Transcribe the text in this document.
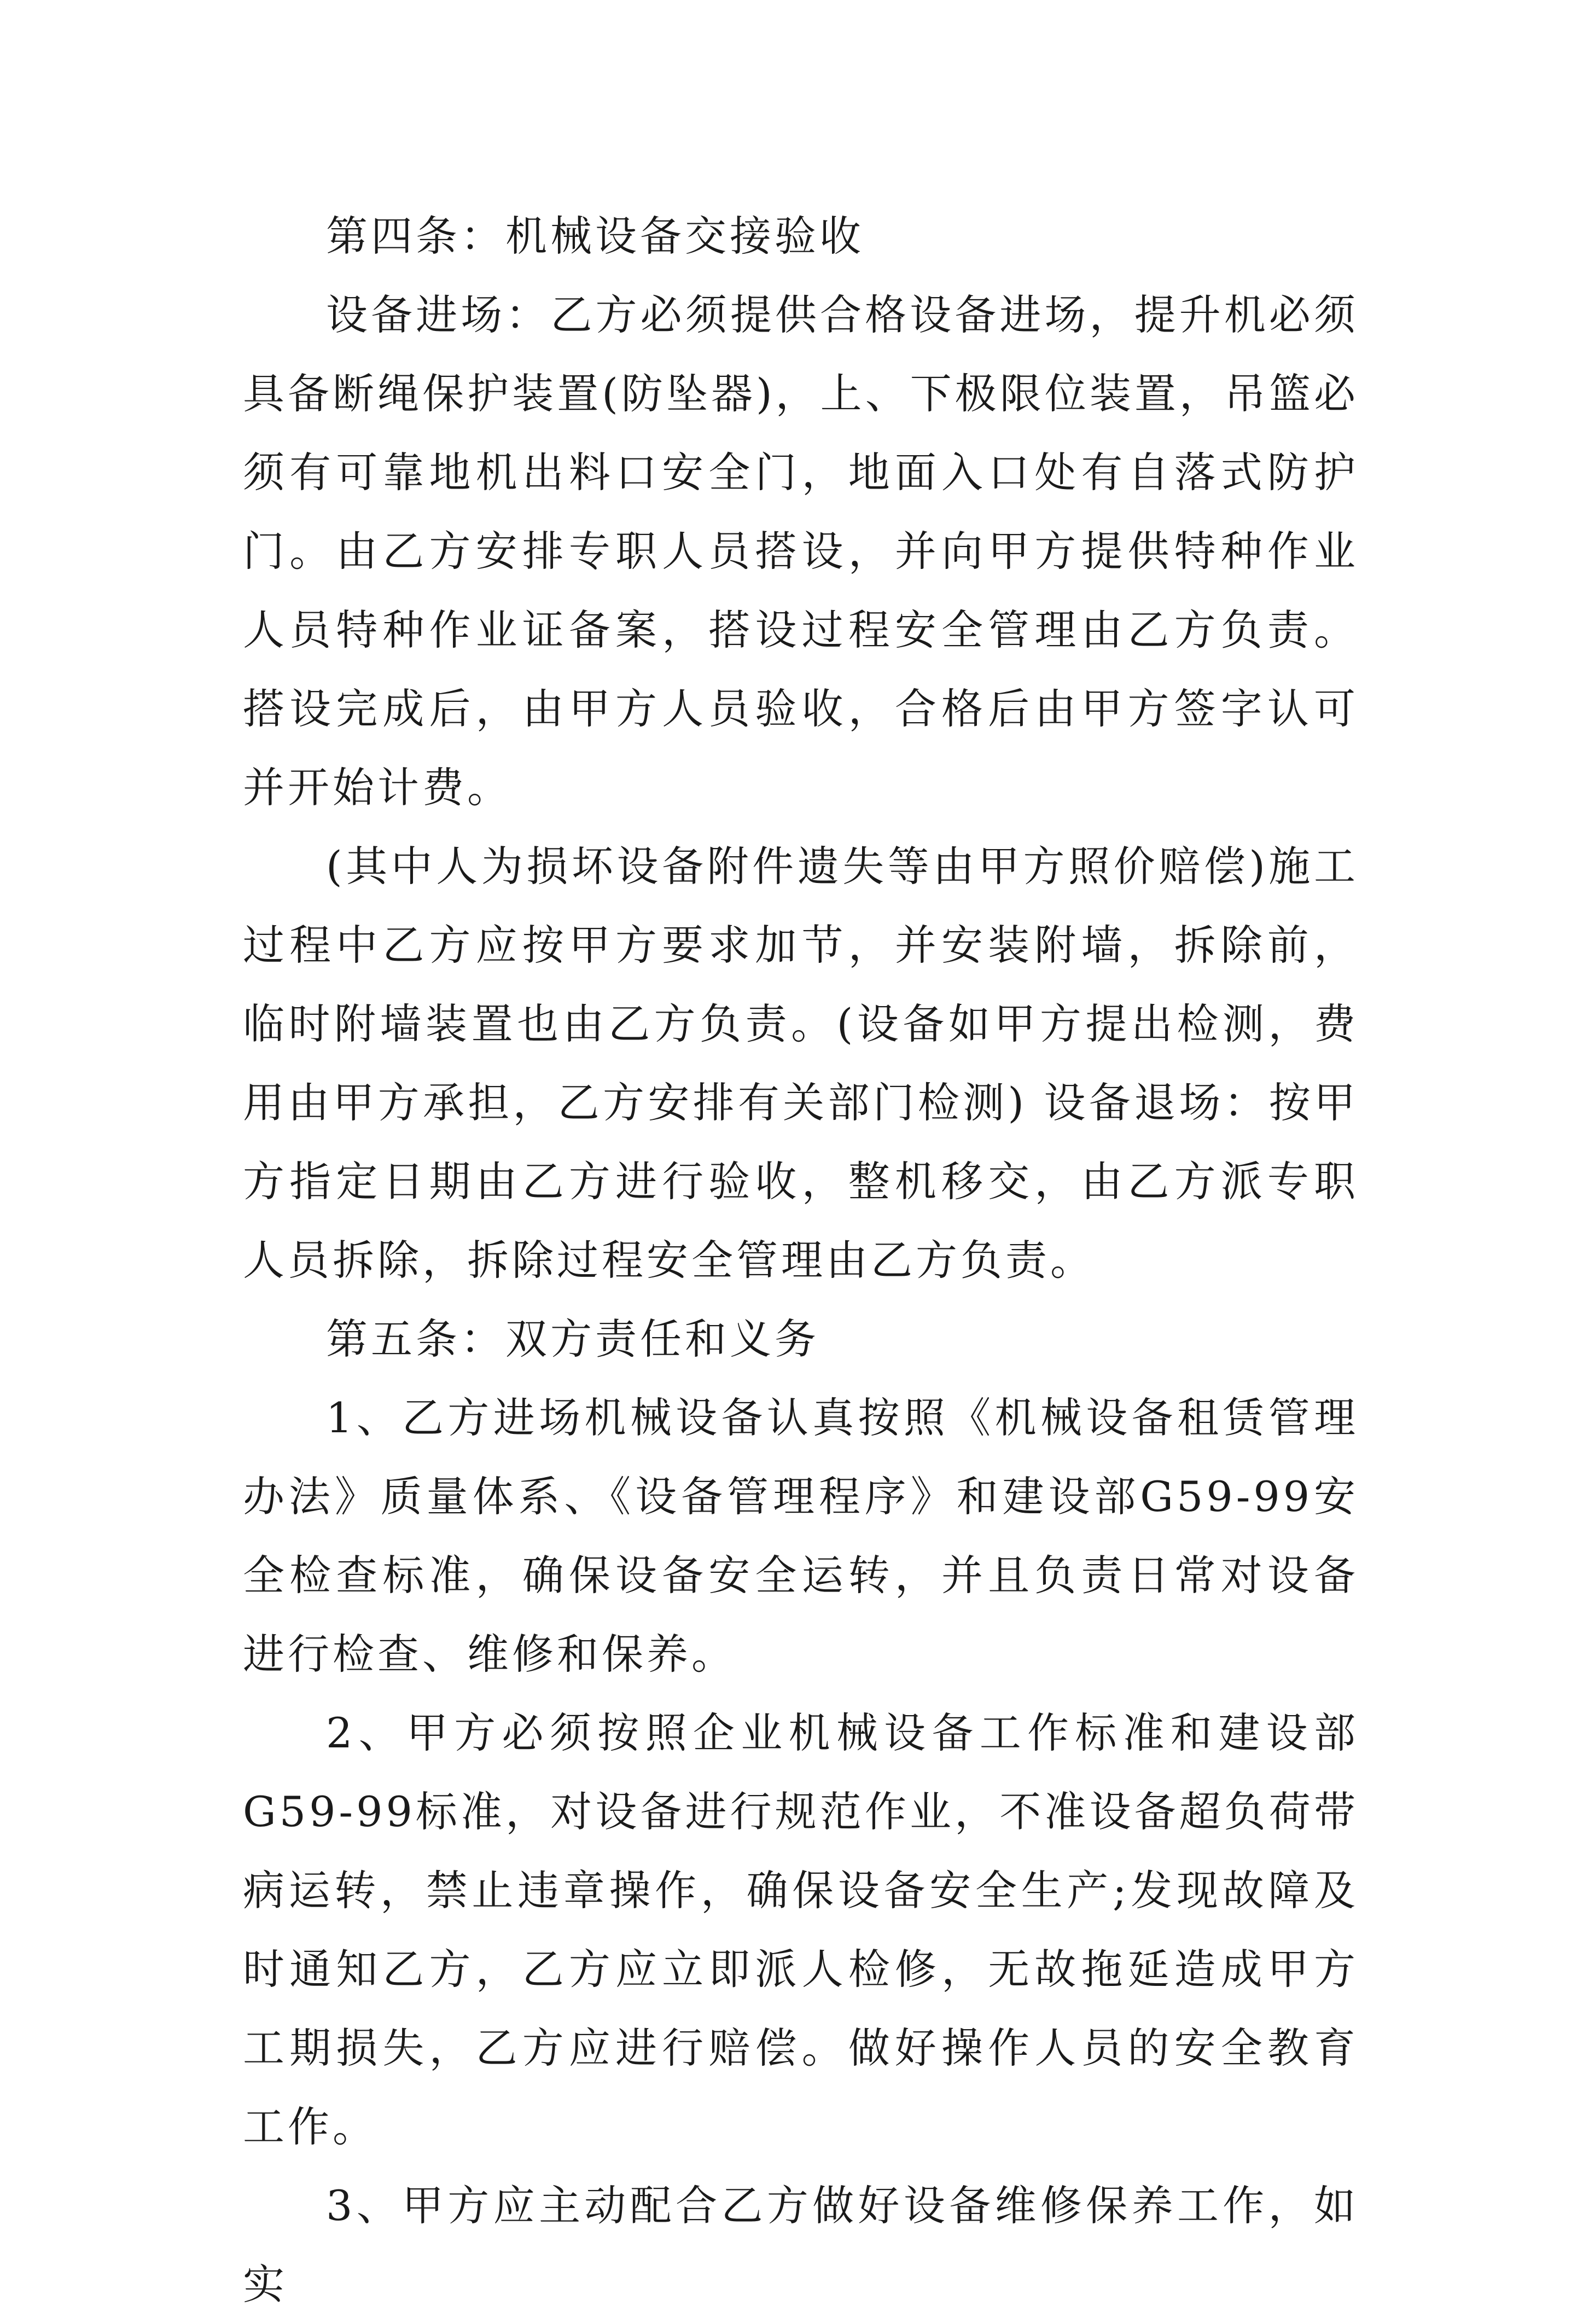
第四条：机械设备交接验收

设备进场：乙方必须提供合格设备进场，提升机必须具备断绳保护装置(防坠器)，上、下极限位装置，吊篮必须有可靠地机出料口安全门，地面入口处有自落式防护门。由乙方安排专职人员搭设，并向甲方提供特种作业人员特种作业证备案，搭设过程安全管理由乙方负责。搭设完成后，由甲方人员验收，合格后由甲方签字认可并开始计费。

(其中人为损坏设备附件遗失等由甲方照价赔偿)施工过程中乙方应按甲方要求加节，并安装附墙，拆除前，临时附墙装置也由乙方负责。(设备如甲方提出检测，费用由甲方承担，乙方安排有关部门检测) 设备退场：按甲方指定日期由乙方进行验收，整机移交，由乙方派专职人员拆除，拆除过程安全管理由乙方负责。

第五条：双方责任和义务

1、乙方进场机械设备认真按照《机械设备租赁管理办法》质量体系、《设备管理程序》和建设部G59-99安全检查标准，确保设备安全运转，并且负责日常对设备进行检查、维修和保养。

2、甲方必须按照企业机械设备工作标准和建设部G59-99标准，对设备进行规范作业，不准设备超负荷带病运转，禁止违章操作，确保设备安全生产;发现故障及时通知乙方，乙方应立即派人检修，无故拖延造成甲方工期损失，乙方应进行赔偿。做好操作人员的安全教育工作。

3、甲方应主动配合乙方做好设备维修保养工作，如实
